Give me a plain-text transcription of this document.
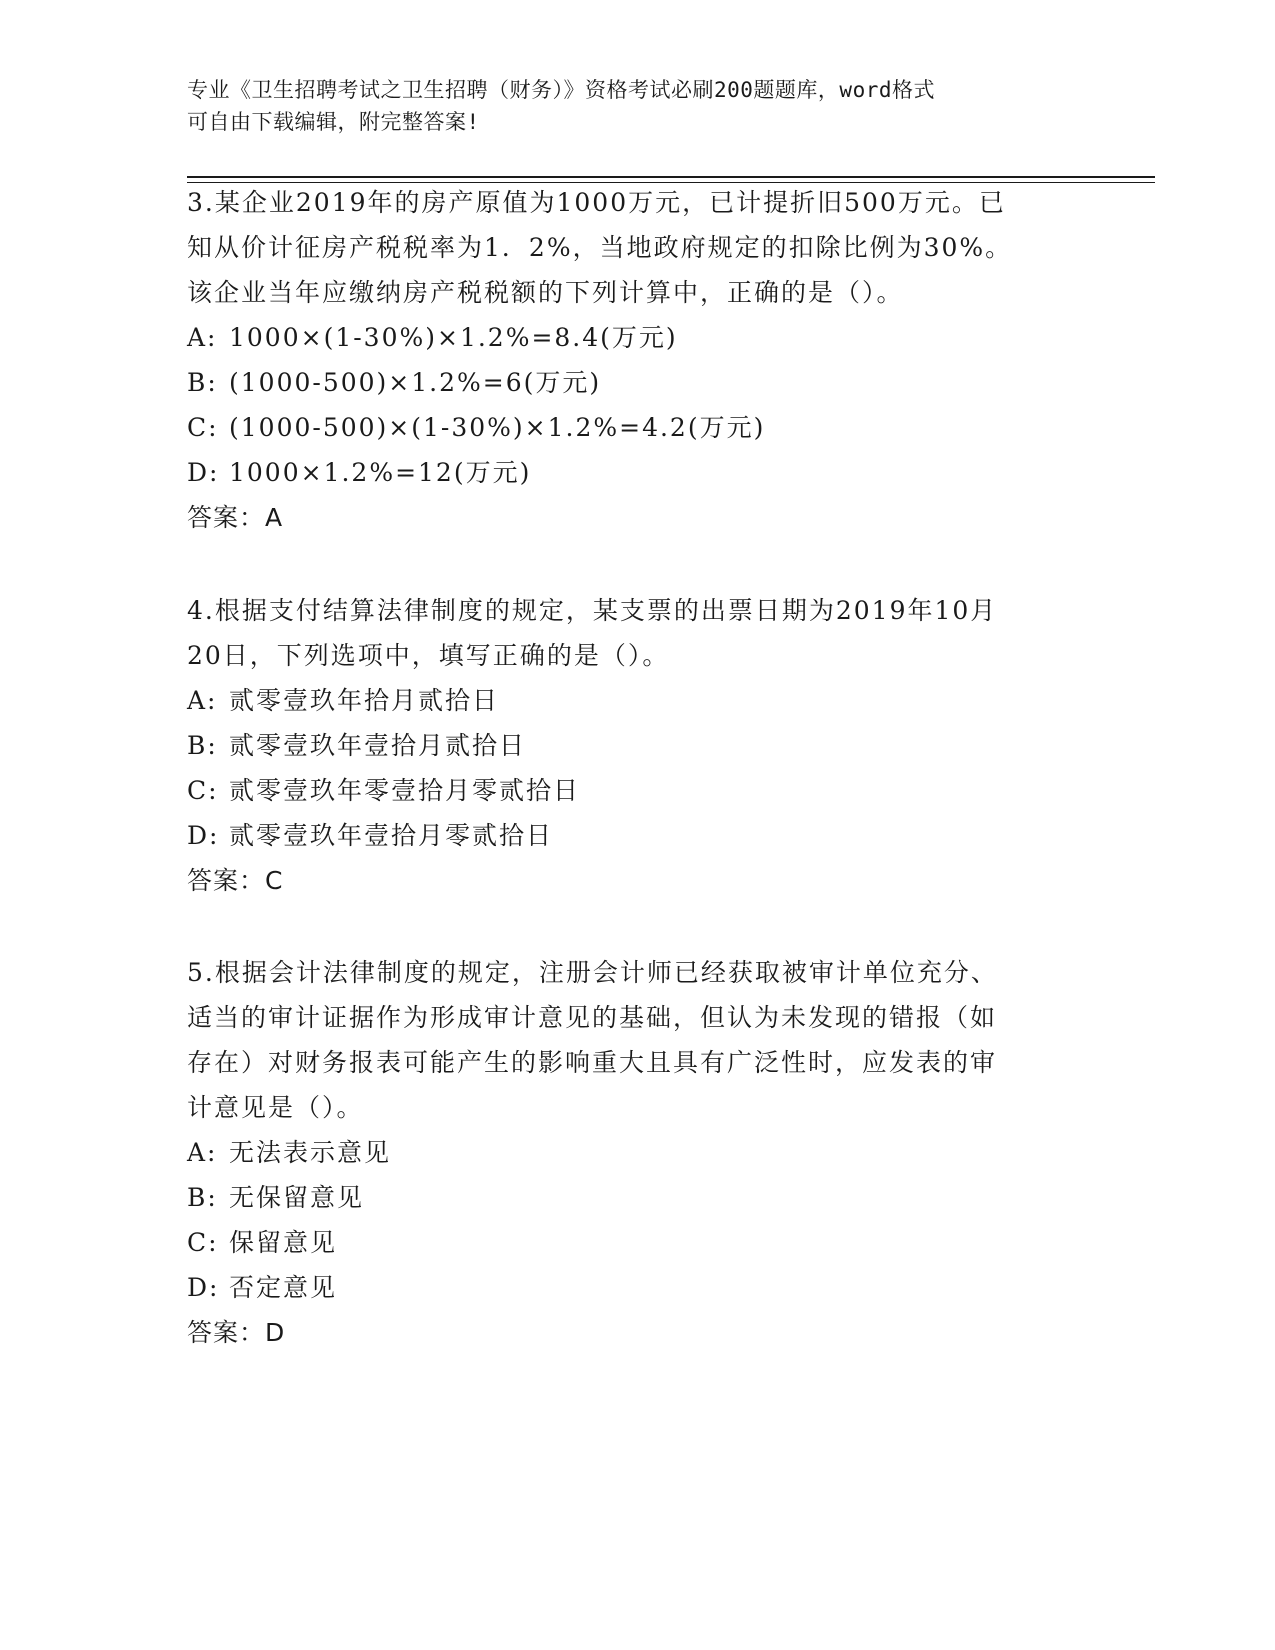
专业《卫生招聘考试之卫生招聘（财务）》资格考试必刷200题题库，word格式

可自由下载编辑，附完整答案!

3.某企业2019年的房产原值为1000万元，已计提折旧500万元。已

知从价计征房产税税率为1．2%，当地政府规定的扣除比例为30%。

该企业当年应缴纳房产税税额的下列计算中，正确的是（）。

A: 1000×(1-30%)×1.2%=8.4(万元)

B: (1000-500)×1.2%=6(万元)

C: (1000-500)×(1-30%)×1.2%=4.2(万元)

D: 1000×1.2%=12(万元)

答案：A

4.根据支付结算法律制度的规定，某支票的出票日期为2019年10月

20日，下列选项中，填写正确的是（）。

A: 贰零壹玖年拾月贰拾日

B: 贰零壹玖年壹拾月贰拾日

C: 贰零壹玖年零壹拾月零贰拾日

D: 贰零壹玖年壹拾月零贰拾日

答案：C

5.根据会计法律制度的规定，注册会计师已经获取被审计单位充分、

适当的审计证据作为形成审计意见的基础，但认为未发现的错报（如

存在）对财务报表可能产生的影响重大且具有广泛性时，应发表的审

计意见是（）。

A: 无法表示意见

B: 无保留意见

C: 保留意见

D: 否定意见

答案：D
